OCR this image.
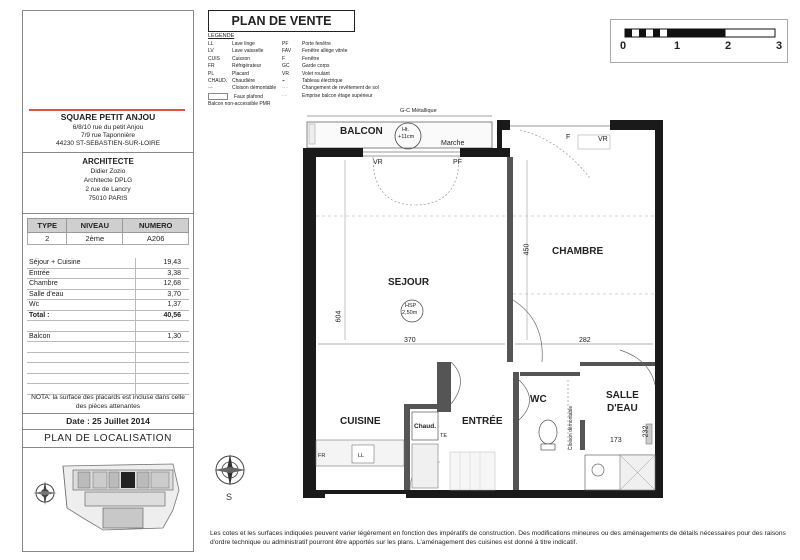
SQUARE PETIT ANJOU
6/8/10 rue du petit Anjou
7/9 rue Taponnière
44230 ST-SEBASTIEN-SUR-LOIRE
ARCHITECTE
Didier Zozio
Architecte DPLG
2 rue de Lancry
75010 PARIS
TYPE	NIVEAU	NUMERO
2	2ème	A206
Séjour + Cuisine	19,43
Entrée	3,38
Chambre	12,68
Salle d'eau	3,70
Wc	1,37
Total :	40,56

Balcon	1,30

NOTA: la surface des placards est incluse dans celle des pièces attenantes
Date : 25 Juillet 2014
PLAN DE LOCALISATION
PLAN DE VENTE
LEGENDE
LL	Lave linge
LV	Lave vaisselle
CUIS Cuisson
FR	Réfrigérateur
PL	Placard
CHAUD. Chaudière
—	Cloison démontable
Faux plafond
Balcon non-accessible PMR
PF	Porte fenêtre
FAV Fenêtre allège vitrée
F	Fenêtre
GC	Garde corps
VR	Volet roulant
⌁	Tableau électrique
····	Changement de revêtement de sol
- -	Emprise balcon étage supérieur
0	1	2	3
G-C Métallique
BALCON	Ht.
+11cm
Marche
VR	PF
F	VR
CHAMBRE
SEJOUR
HSP
2,50m
450
604
370	282
WC	SALLE
D'EAU
CUISINE	ENTRÉE
Chaud.
TE
FR	LL
Cloison démontable	173
232
S
Les cotes et les surfaces indiquées peuvent varier légèrement en fonction des impératifs de construction. Des modifications mineures ou des aménagements de détails nécessaires pour des raisons d'ordre technique ou administratif pourront être apportés sur les plans. L'aménagement des cuisines est donné à titre indicatif.
